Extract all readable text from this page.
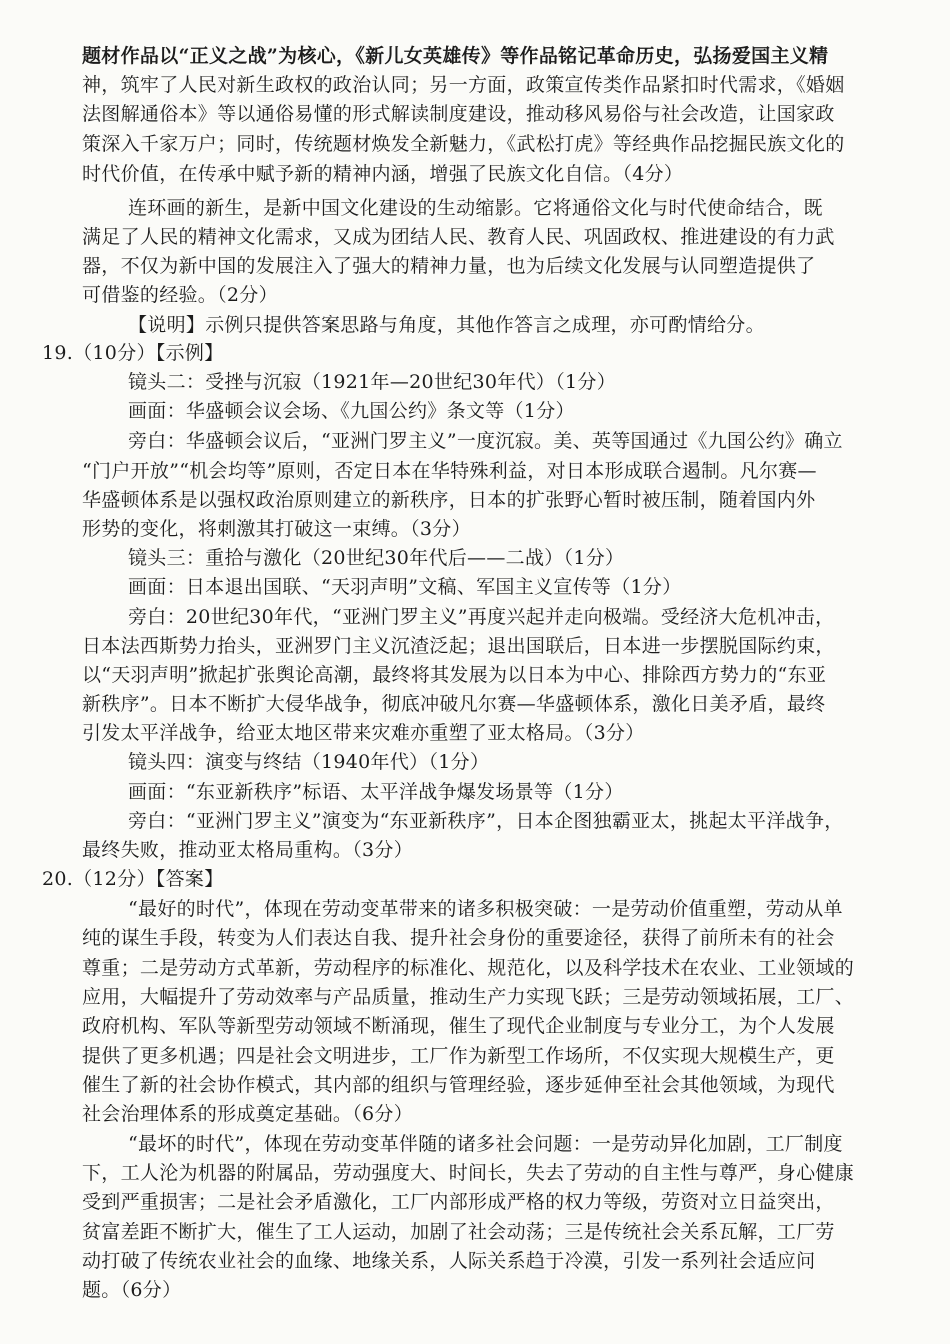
题材作品以“正义之战”为核心，《新儿女英雄传》等作品铭记革命历史，弘扬爱国主义精
神，筑牢了人民对新生政权的政治认同；另一方面，政策宣传类作品紧扣时代需求，《婚姻
法图解通俗本》等以通俗易懂的形式解读制度建设，推动移风易俗与社会改造，让国家政
策深入千家万户；同时，传统题材焕发全新魅力，《武松打虎》等经典作品挖掘民族文化的
时代价值，在传承中赋予新的精神内涵，增强了民族文化自信。（4分）
连环画的新生，是新中国文化建设的生动缩影。它将通俗文化与时代使命结合，既
满足了人民的精神文化需求，又成为团结人民、教育人民、巩固政权、推进建设的有力武
器，不仅为新中国的发展注入了强大的精神力量，也为后续文化发展与认同塑造提供了
可借鉴的经验。（2分）
【说明】示例只提供答案思路与角度，其他作答言之成理，亦可酌情给分。
19.（10分）【示例】
镜头二：受挫与沉寂（1921年—20世纪30年代）（1分）
画面：华盛顿会议会场、《九国公约》条文等（1分）
旁白：华盛顿会议后，“亚洲门罗主义”一度沉寂。美、英等国通过《九国公约》确立
“门户开放”“机会均等”原则，否定日本在华特殊利益，对日本形成联合遏制。凡尔赛—
华盛顿体系是以强权政治原则建立的新秩序，日本的扩张野心暂时被压制，随着国内外
形势的变化，将刺激其打破这一束缚。（3分）
镜头三：重拾与激化（20世纪30年代后——二战）（1分）
画面：日本退出国联、“天羽声明”文稿、军国主义宣传等（1分）
旁白：20世纪30年代，“亚洲门罗主义”再度兴起并走向极端。受经济大危机冲击，
日本法西斯势力抬头，亚洲罗门主义沉渣泛起；退出国联后，日本进一步摆脱国际约束，
以“天羽声明”掀起扩张舆论高潮，最终将其发展为以日本为中心、排除西方势力的“东亚
新秩序”。日本不断扩大侵华战争，彻底冲破凡尔赛—华盛顿体系，激化日美矛盾，最终
引发太平洋战争，给亚太地区带来灾难亦重塑了亚太格局。（3分）
镜头四：演变与终结（1940年代）（1分）
画面：“东亚新秩序”标语、太平洋战争爆发场景等（1分）
旁白：“亚洲门罗主义”演变为“东亚新秩序”，日本企图独霸亚太，挑起太平洋战争，
最终失败，推动亚太格局重构。（3分）
20.（12分）【答案】
“最好的时代”，体现在劳动变革带来的诸多积极突破：一是劳动价值重塑，劳动从单
纯的谋生手段，转变为人们表达自我、提升社会身份的重要途径，获得了前所未有的社会
尊重；二是劳动方式革新，劳动程序的标准化、规范化，以及科学技术在农业、工业领域的
应用，大幅提升了劳动效率与产品质量，推动生产力实现飞跃；三是劳动领域拓展，工厂、
政府机构、军队等新型劳动领域不断涌现，催生了现代企业制度与专业分工，为个人发展
提供了更多机遇；四是社会文明进步，工厂作为新型工作场所，不仅实现大规模生产，更
催生了新的社会协作模式，其内部的组织与管理经验，逐步延伸至社会其他领域，为现代
社会治理体系的形成奠定基础。（6分）
“最坏的时代”，体现在劳动变革伴随的诸多社会问题：一是劳动异化加剧，工厂制度
下，工人沦为机器的附属品，劳动强度大、时间长，失去了劳动的自主性与尊严，身心健康
受到严重损害；二是社会矛盾激化，工厂内部形成严格的权力等级，劳资对立日益突出，
贫富差距不断扩大，催生了工人运动，加剧了社会动荡；三是传统社会关系瓦解，工厂劳
动打破了传统农业社会的血缘、地缘关系，人际关系趋于冷漠，引发一系列社会适应问
题。（6分）
